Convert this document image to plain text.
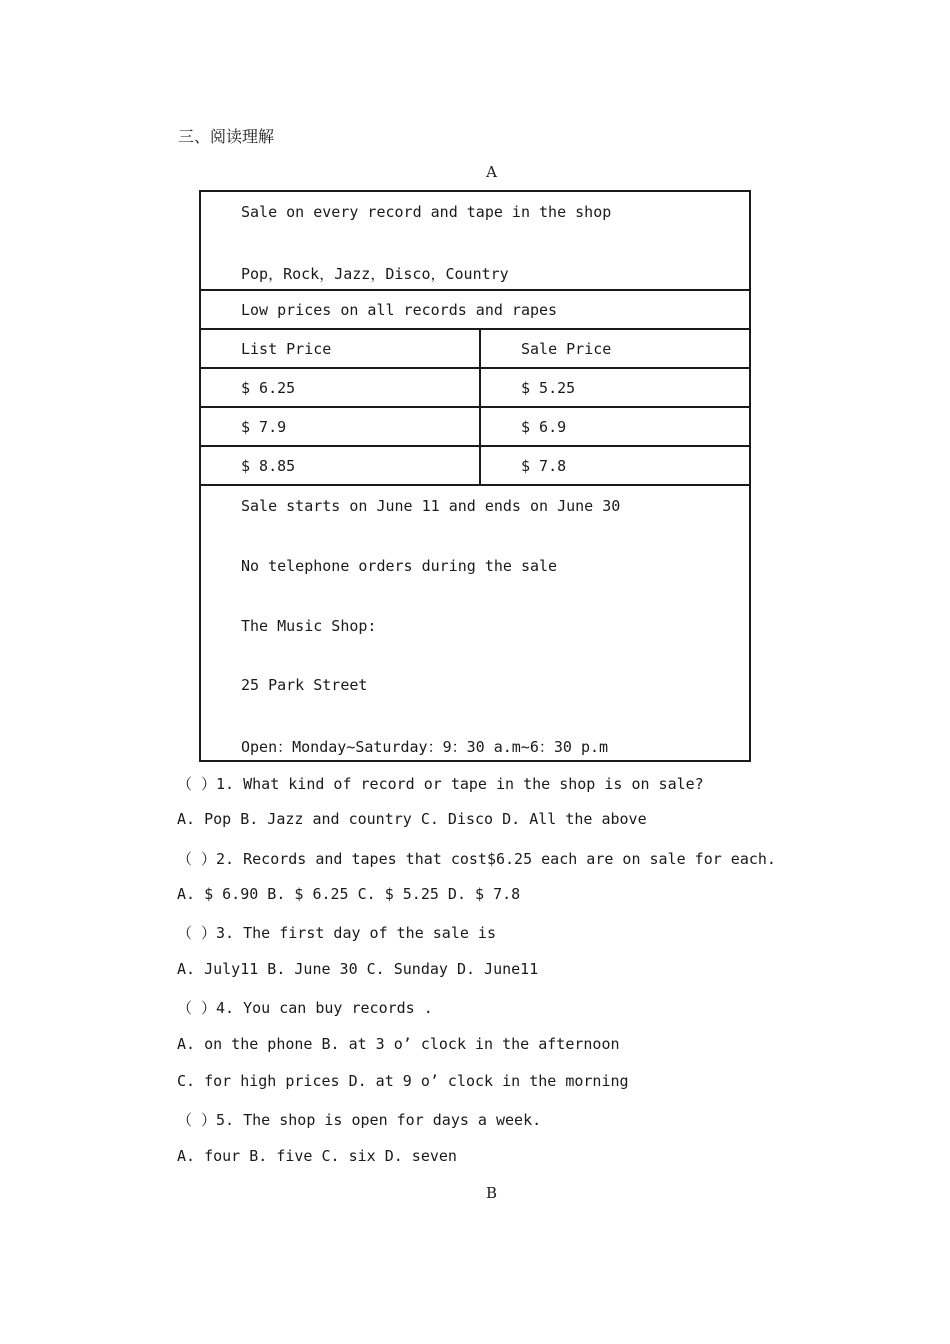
三、阅读理解
A
Sale on every record and tape in the shop
Pop，Rock，Jazz，Disco，Country
Low prices on all records and rapes
List Price	Sale Price
$ 6.25	$ 5.25
$ 7.9	$ 6.9
$ 8.85	$ 7.8
Sale starts on June 11 and ends on June 30
No telephone orders during the sale
The Music Shop:
25 Park Street
Open：Monday~Saturday：9：30 a.m~6：30 p.m
（ ）1. What kind of record or tape in the shop is on sale?
A. Pop B. Jazz and country C. Disco D. All the above
（ ）2. Records and tapes that cost$6.25 each are on sale for each.
A. $ 6.90 B. $ 6.25 C. $ 5.25 D. $ 7.8
（ ）3. The first day of the sale is
A. July11 B. June 30 C. Sunday D. June11
（ ）4. You can buy records .
A. on the phone B. at 3 o’ clock in the afternoon
C. for high prices D. at 9 o’ clock in the morning
（ ）5. The shop is open for days a week.
A. four B. five C. six D. seven
B
